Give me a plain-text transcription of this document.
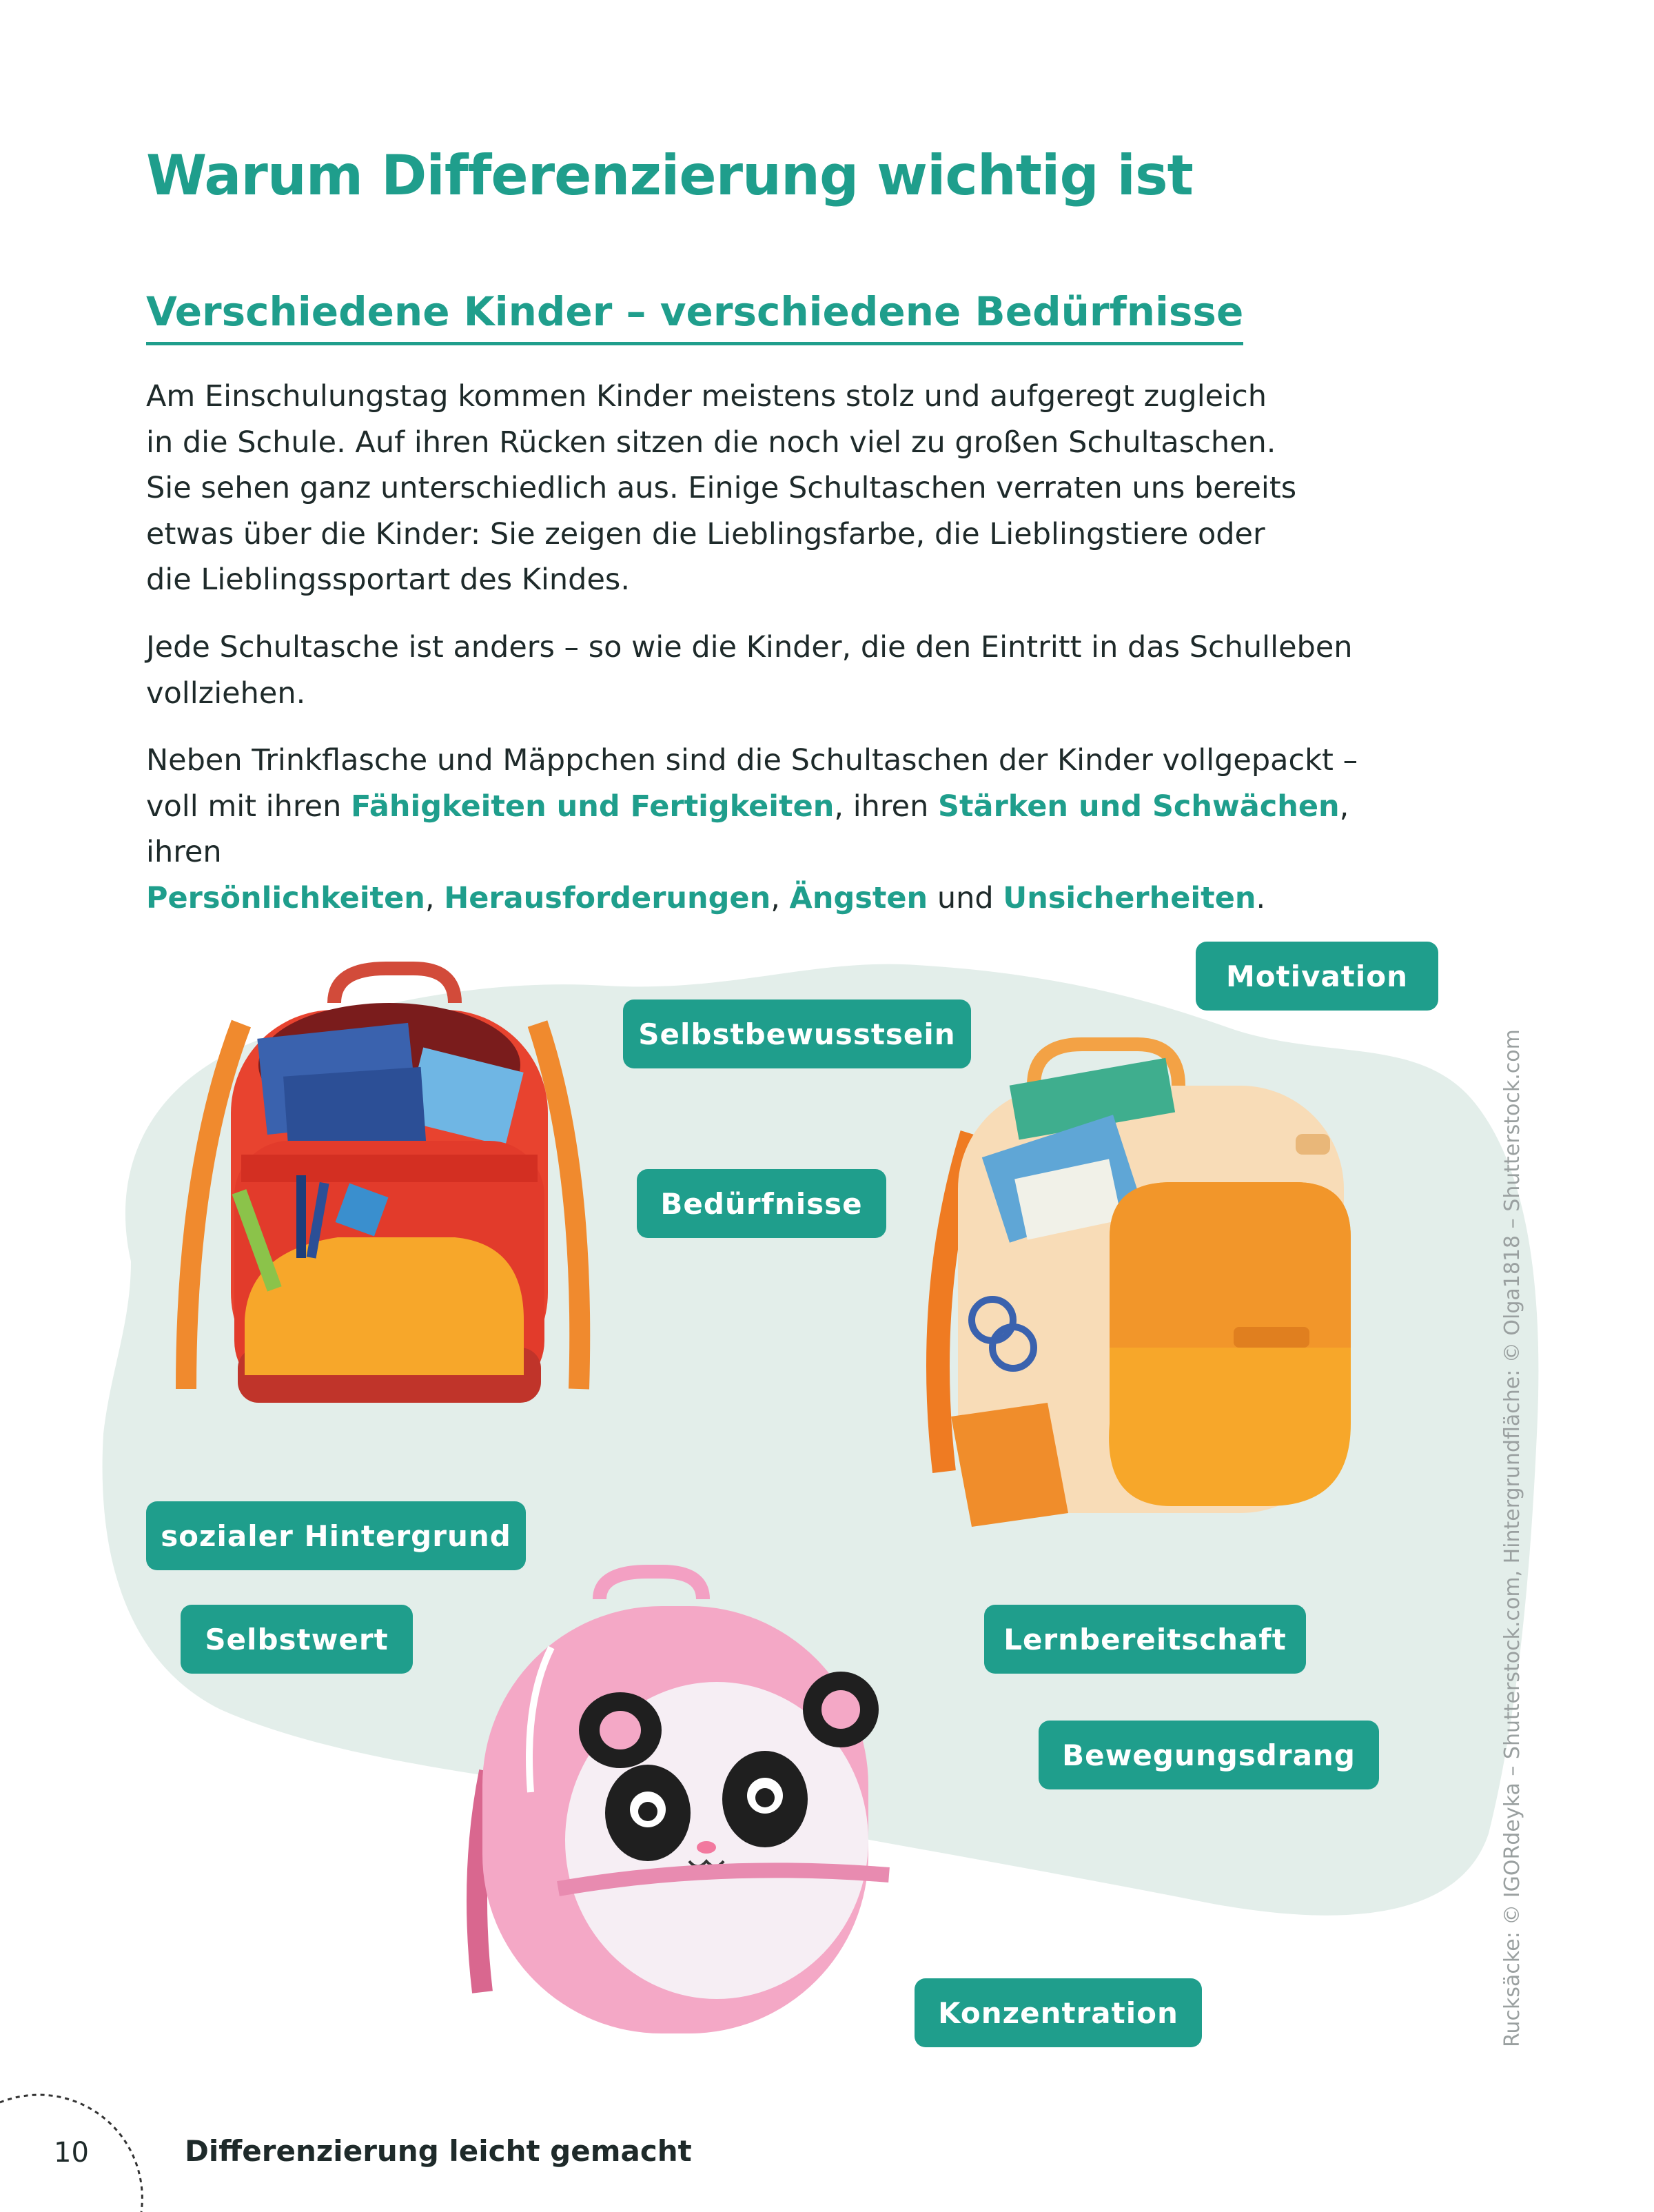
Warum Differenzierung wichtig ist
Verschiedene Kinder – verschiedene Bedürfnisse

Am Einschulungstag kommen Kinder meistens stolz und aufgeregt zugleich
in die Schule. Auf ihren Rücken sitzen die noch viel zu großen Schultaschen.
Sie sehen ganz unterschiedlich aus. Einige Schultaschen verraten uns bereits
etwas über die Kinder: Sie zeigen die Lieblingsfarbe, die Lieblingstiere oder
die Lieblingssportart des Kindes.

Jede Schultasche ist anders – so wie die Kinder, die den Eintritt in das Schulleben
vollziehen.

Neben Trinkflasche und Mäppchen sind die Schultaschen der Kinder vollgepackt –
voll mit ihren Fähigkeiten und Fertigkeiten, ihren Stärken und Schwächen, ihren
Persönlichkeiten, Herausforderungen, Ängsten und Unsicherheiten.

Motivation
Selbstbewusstsein
Bedürfnisse
sozialer Hintergrund
Selbstwert	Lernbereitschaft
Bewegungsdrang
Konzentration	Rucksäcke: © IGORdeyka – Shutterstock.com, Hintergrundfläche: © Olga1818 – Shutterstock.com
10	Differenzierung leicht gemacht
